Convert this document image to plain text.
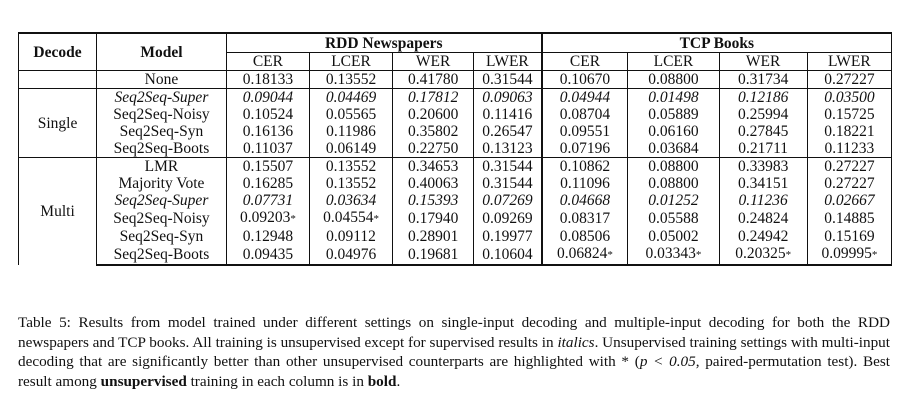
Decode	Model	RDD Newspapers				TCP Books			
		CER	LCER	WER	LWER	CER	LCER	WER	LWER
	None	0.18133	0.13552	0.41780	0.31544	0.10670	0.08800	0.31734	0.27227
Single	Seq2Seq-Super	0.09044	0.04469	0.17812	0.09063	0.04944	0.01498	0.12186	0.03500
	Seq2Seq-Noisy	0.10524	0.05565	0.20600	0.11416	0.08704	0.05889	0.25994	0.15725
	Seq2Seq-Syn	0.16136	0.11986	0.35802	0.26547	0.09551	0.06160	0.27845	0.18221
	Seq2Seq-Boots	0.11037	0.06149	0.22750	0.13123	0.07196	0.03684	0.21711	0.11233
Multi	LMR	0.15507	0.13552	0.34653	0.31544	0.10862	0.08800	0.33983	0.27227
	Majority Vote	0.16285	0.13552	0.40063	0.31544	0.11096	0.08800	0.34151	0.27227
	Seq2Seq-Super	0.07731	0.03634	0.15393	0.07269	0.04668	0.01252	0.11236	0.02667
	Seq2Seq-Noisy	0.09203*	0.04554*	0.17940	0.09269	0.08317	0.05588	0.24824	0.14885
	Seq2Seq-Syn	0.12948	0.09112	0.28901	0.19977	0.08506	0.05002	0.24942	0.15169
	Seq2Seq-Boots	0.09435	0.04976	0.19681	0.10604	0.06824*	0.03343*	0.20325*	0.09995*
Table 5: Results from model trained under different settings on single-input decoding and multiple-input decoding for both the RDD newspapers and TCP books. All training is unsupervised except for supervised results in italics. Unsupervised training settings with multi-input decoding that are significantly better than other unsupervised counterparts are highlighted with * (p < 0.05, paired-permutation test). Best result among unsupervised training in each column is in bold.
